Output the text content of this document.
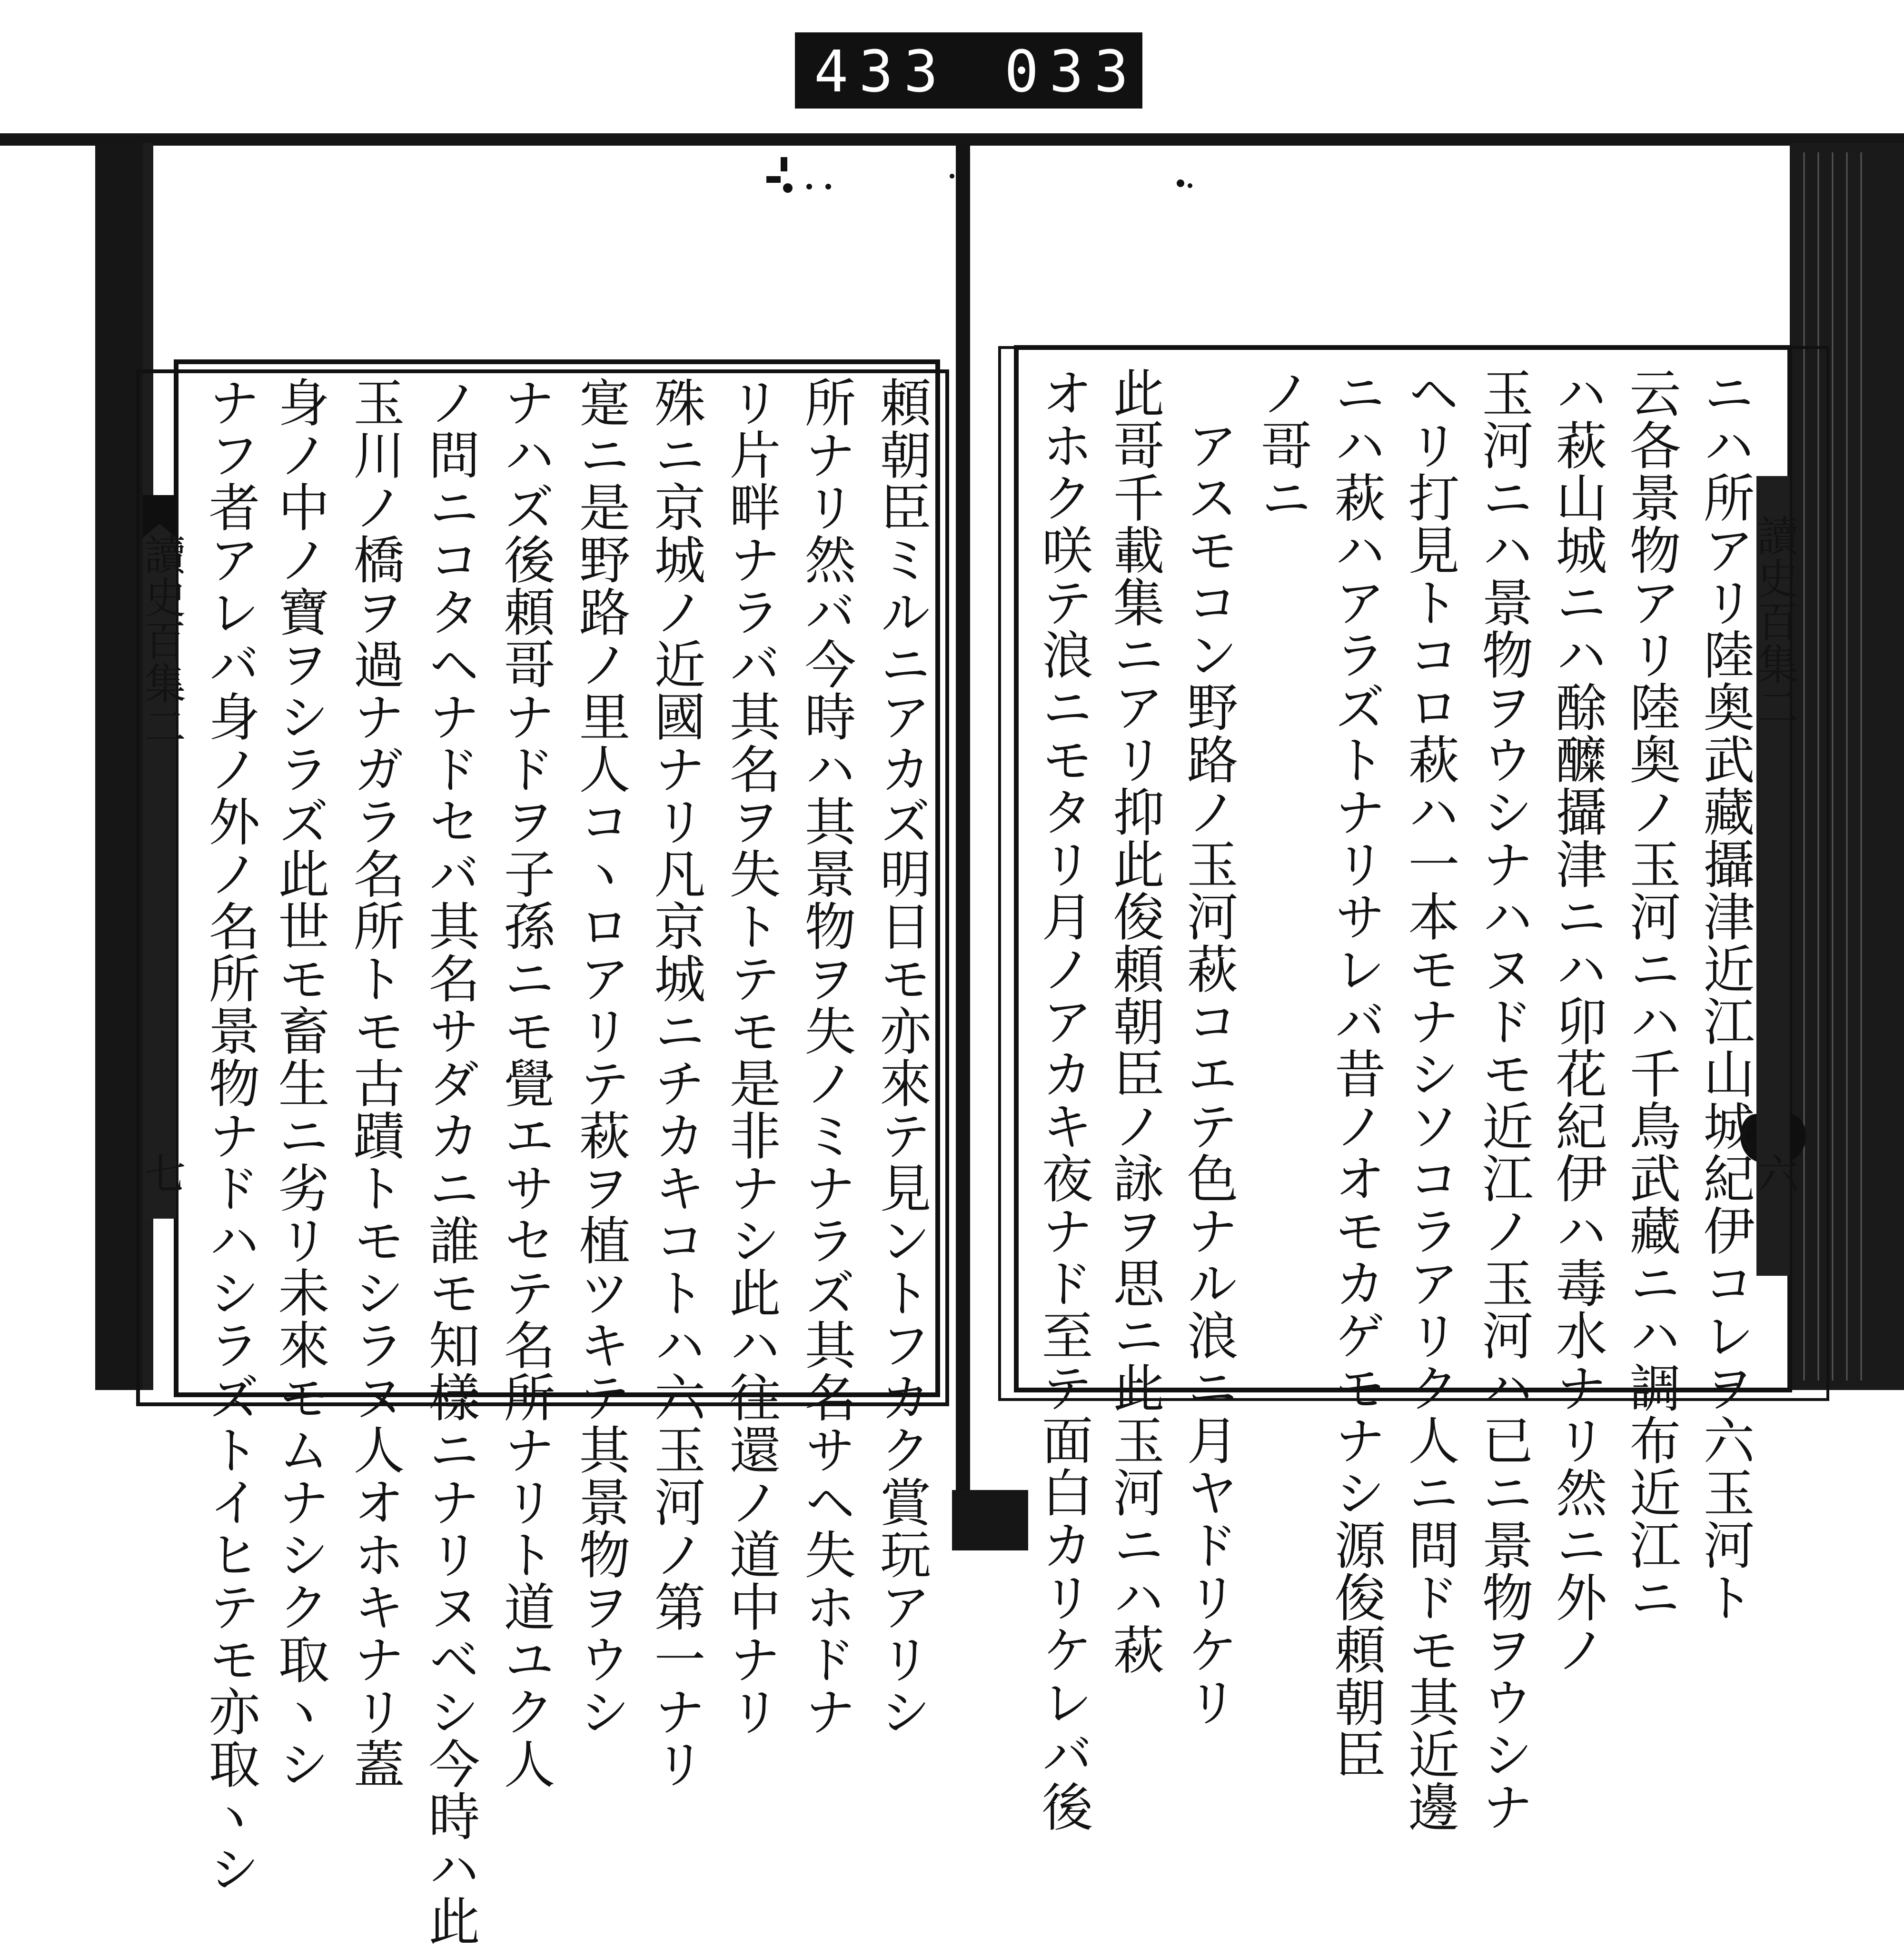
433 033
讀史百集二
七
讀史百集二
六
頼朝臣ミルニアカズ明日モ亦來テ見ントフカク賞玩アリシ
所ナリ然バ今時ハ其景物ヲ失ノミナラズ其名サヘ失ホドナ
リ片畔ナラバ其名ヲ失トテモ是非ナシ此ハ往還ノ道中ナリ
殊ニ京城ノ近國ナリ凡京城ニチカキコトハ六玉河ノ第一ナリ
寔ニ是野路ノ里人コヽロアリテ萩ヲ植ツキテ其景物ヲウシ
ナハズ後頼哥ナドヲ子孫ニモ覺エサセテ名所ナリト道ユク人
ノ問ニコタヘナドセバ其名サダカニ誰モ知樣ニナリヌベシ今時ハ此
玉川ノ橋ヲ過ナガラ名所トモ古蹟トモシラヌ人オホキナリ蓋
身ノ中ノ寶ヲシラズ此世モ畜生ニ劣リ未來モムナシク取ヽシ
ナフ者アレバ身ノ外ノ名所景物ナドハシラズトイヒテモ亦取ヽシ	ニハ所アリ陸奥武藏攝津近江山城紀伊コレヲ六玉河ト
云各景物アリ陸奥ノ玉河ニハ千鳥武藏ニハ調布近江ニ
ハ萩山城ニハ酴醾攝津ニハ卯花紀伊ハ毒水ナリ然ニ外ノ
玉河ニハ景物ヲウシナハヌドモ近江ノ玉河ハ已ニ景物ヲウシナ
ヘリ打見トコロ萩ハ一本モナシソコラアリク人ニ問ドモ其近邊
ニハ萩ハアラズトナリサレバ昔ノオモカゲモナシ源俊頼朝臣
ノ哥ニ
アスモコン野路ノ玉河萩コエテ色ナル浪ニ月ヤドリケリ
此哥千載集ニアリ抑此俊頼朝臣ノ詠ヲ思ニ此玉河ニハ萩
オホク咲テ浪ニモタリ月ノアカキ夜ナド至テ面白カリケレバ後
